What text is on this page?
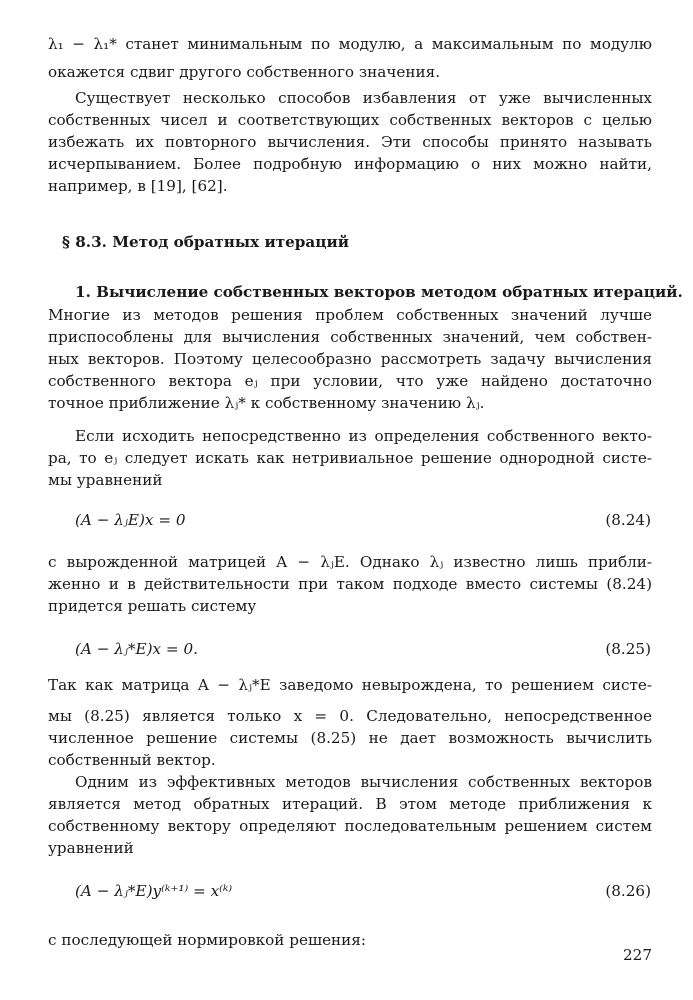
λ₁ − λ₁* станет минимальным по модулю, а максимальным по модулю
окажется сдвиг другого собственного значения.
Существует несколько способов избавления от уже вычисленных
собственных чисел и соответствующих собственных векторов с целью
избежать их повторного вычисления. Эти способы принято называть
исчерпыванием. Более подробную информацию о них можно найти,
например, в [19], [62].
§ 8.3. Метод обратных итераций
1. Вычисление собственных векторов методом обратных итераций.
Многие из методов решения проблем собственных значений лучше
приспособлены для вычисления собственных значений, чем собствен-
ных векторов. Поэтому целесообразно рассмотреть задачу вычисления
собственного вектора eⱼ при условии, что уже найдено достаточно
точное приближение λⱼ* к собственному значению λⱼ.
Если исходить непосредственно из определения собственного векто-
ра, то eⱼ следует искать как нетривиальное решение однородной систе-
мы уравнений
(A − λⱼE)x = 0	(8.24)
с вырожденной матрицей A − λⱼE. Однако λⱼ известно лишь прибли-
женно и в действительности при таком подходе вместо системы (8.24)
придется решать систему
(A − λⱼ*E)x = 0.	(8.25)
Так как матрица A − λⱼ*E заведомо невырождена, то решением систе-
мы (8.25) является только x = 0. Следовательно, непосредственное
численное решение системы (8.25) не дает возможность вычислить
собственный вектор.
Одним из эффективных методов вычисления собственных векторов
является метод обратных итераций. В этом методе приближения к
собственному вектору определяют последовательным решением систем
уравнений
(A − λⱼ*E)y⁽ᵏ⁺¹⁾ = x⁽ᵏ⁾	(8.26)
с последующей нормировкой решения:
227
